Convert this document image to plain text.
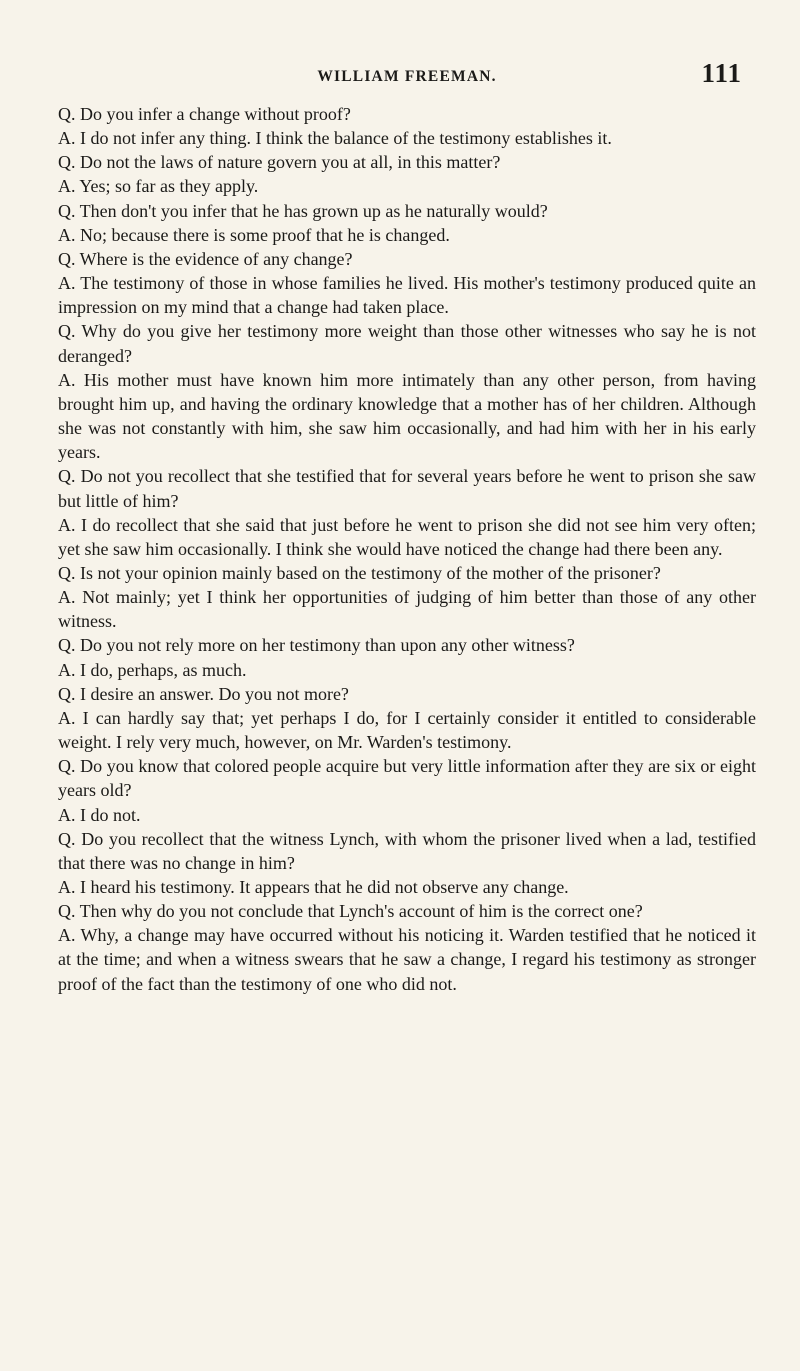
WILLIAM FREEMAN.	111

Q. Do you infer a change without proof?

A. I do not infer any thing. I think the balance of the testimony establishes it.

Q. Do not the laws of nature govern you at all, in this matter?

A. Yes; so far as they apply.

Q. Then don't you infer that he has grown up as he naturally would?

A. No; because there is some proof that he is changed.

Q. Where is the evidence of any change?

A. The testimony of those in whose families he lived. His mother's testimony produced quite an impression on my mind that a change had taken place.

Q. Why do you give her testimony more weight than those other witnesses who say he is not deranged?

A. His mother must have known him more intimately than any other person, from having brought him up, and having the ordinary knowledge that a mother has of her children. Although she was not constantly with him, she saw him occasionally, and had him with her in his early years.

Q. Do not you recollect that she testified that for several years before he went to prison she saw but little of him?

A. I do recollect that she said that just before he went to prison she did not see him very often; yet she saw him occasionally. I think she would have noticed the change had there been any.

Q. Is not your opinion mainly based on the testimony of the mother of the prisoner?

A. Not mainly; yet I think her opportunities of judging of him better than those of any other witness.

Q. Do you not rely more on her testimony than upon any other witness?

A. I do, perhaps, as much.

Q. I desire an answer. Do you not more?

A. I can hardly say that; yet perhaps I do, for I certainly consider it entitled to considerable weight. I rely very much, however, on Mr. Warden's testimony.

Q. Do you know that colored people acquire but very little information after they are six or eight years old?

A. I do not.

Q. Do you recollect that the witness Lynch, with whom the prisoner lived when a lad, testified that there was no change in him?

A. I heard his testimony. It appears that he did not observe any change.

Q. Then why do you not conclude that Lynch's account of him is the correct one?

A. Why, a change may have occurred without his noticing it. Warden testified that he noticed it at the time; and when a witness swears that he saw a change, I regard his testimony as stronger proof of the fact than the testimony of one who did not.
